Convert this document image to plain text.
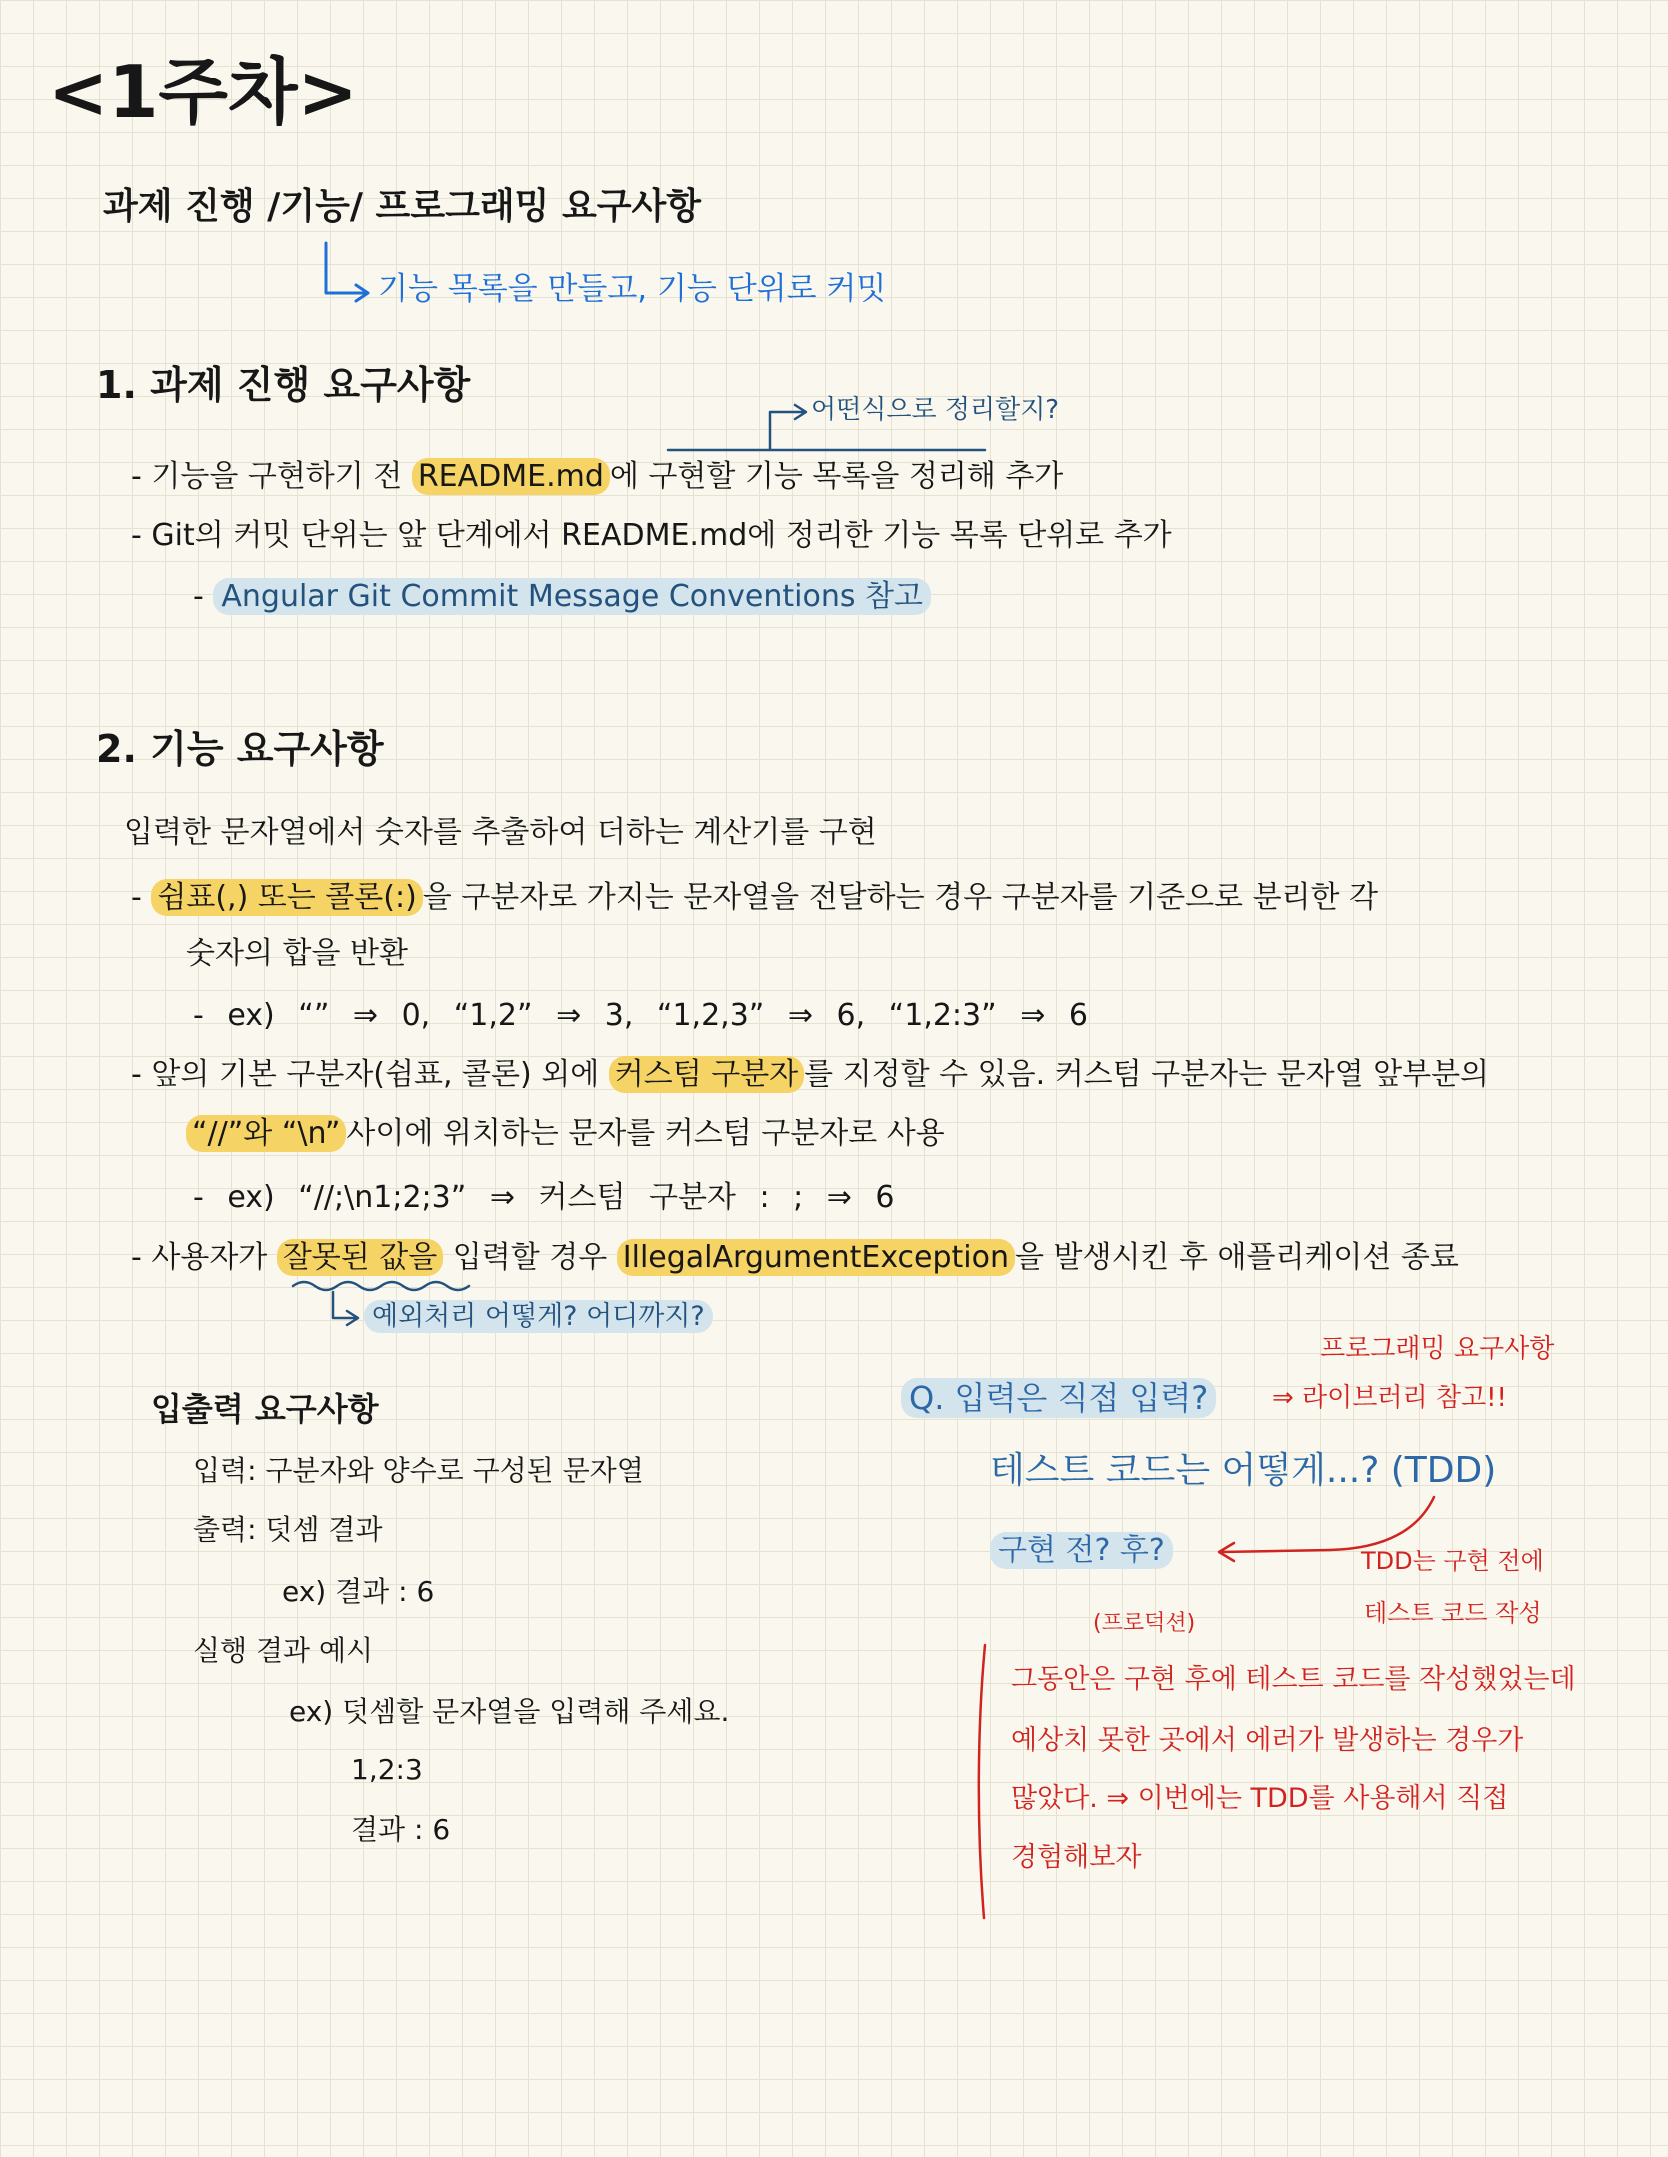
<1주차>
과제 진행 /기능/ 프로그래밍 요구사항
기능 목록을 만들고, 기능 단위로 커밋
1. 과제 진행 요구사항
어떤식으로 정리할지?
- 기능을 구현하기 전 README.md 에 구현할 기능 목록을 정리해 추가
- Git의 커밋 단위는 앞 단계에서 README.md에 정리한 기능 목록 단위로 추가
- Angular Git Commit Message Conventions 참고
2. 기능 요구사항
입력한 문자열에서 숫자를 추출하여 더하는 계산기를 구현
- 쉼표(,) 또는 콜론(:) 을 구분자로 가지는 문자열을 전달하는 경우 구분자를 기준으로 분리한 각
숫자의 합을 반환
- ex) “” ⇒ 0, “1,2” ⇒ 3, “1,2,3” ⇒ 6, “1,2:3” ⇒ 6
- 앞의 기본 구분자(쉼표, 콜론) 외에 커스텀 구분자 를 지정할 수 있음. 커스텀 구분자는 문자열 앞부분의
“//”와 “\n” 사이에 위치하는 문자를 커스텀 구분자로 사용
- ex) “//;\n1;2;3” ⇒ 커스텀 구분자 : ; ⇒ 6
- 사용자가 잘못된 값을 입력할 경우 IllegalArgumentException 을 발생시킨 후 애플리케이션 종료
예외처리 어떻게? 어디까지?
입출력 요구사항
입력: 구분자와 양수로 구성된 문자열
출력: 덧셈 결과
ex) 결과 : 6
실행 결과 예시
ex) 덧셈할 문자열을 입력해 주세요.
1,2:3
결과 : 6
프로그래밍 요구사항
Q. 입력은 직접 입력?	⇒ 라이브러리 참고!!
테스트 코드는 어떻게...? (TDD)
구현 전? 후?	TDD는 구현 전에
테스트 코드 작성
(프로덕션)
그동안은 구현 후에 테스트 코드를 작성했었는데
예상치 못한 곳에서 에러가 발생하는 경우가
많았다. ⇒ 이번에는 TDD를 사용해서 직접
경험해보자
